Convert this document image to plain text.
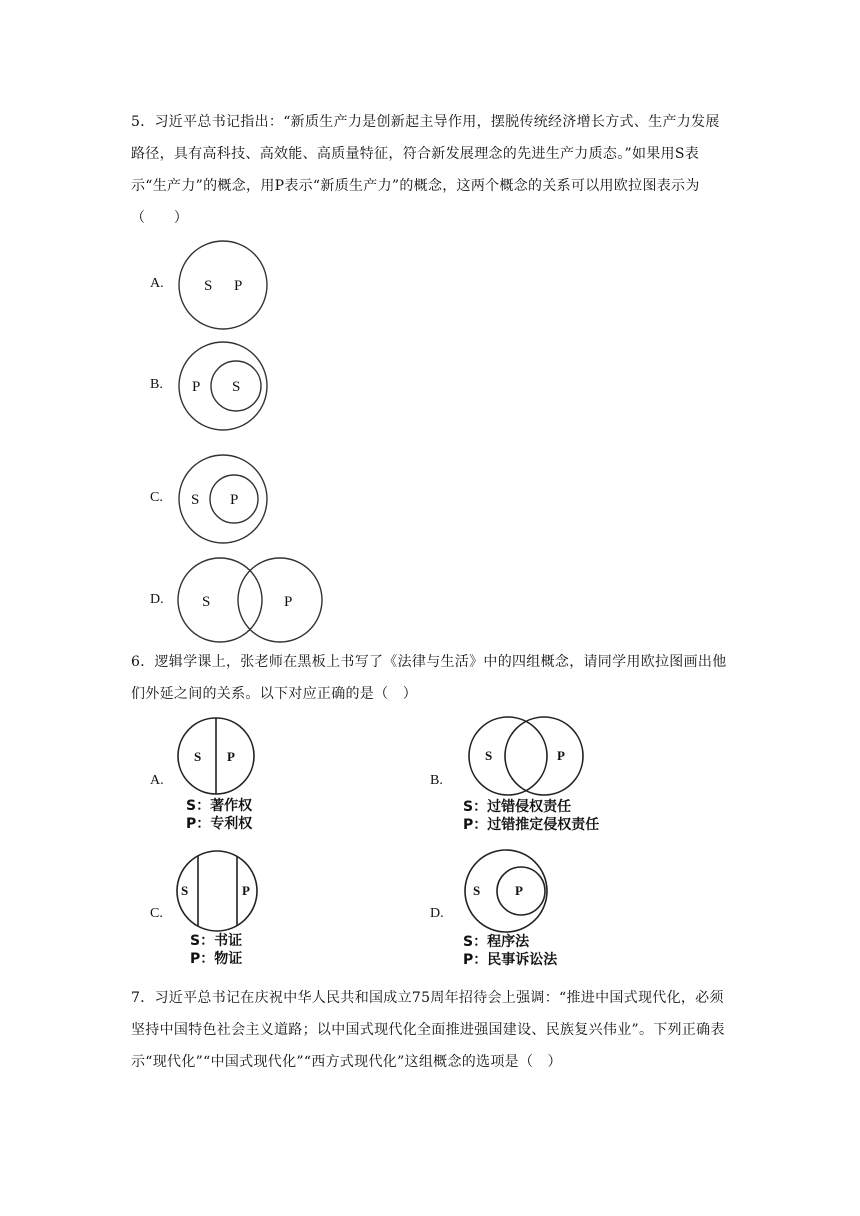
5．习近平总书记指出：“新质生产力是创新起主导作用，摆脱传统经济增长方式、生产力发展路径，具有高科技、高效能、高质量特征，符合新发展理念的先进生产力质态。”如果用S表示“生产力”的概念，用P表示“新质生产力”的概念，这两个概念的关系可以用欧拉图表示为（　　）
A.	S P
B. P S
C. S P
D.	S	P
6．逻辑学课上，张老师在黑板上书写了《法律与生活》中的四组概念，请同学用欧拉图画出他们外延之间的关系。以下对应正确的是（　）
A.
S P
S：著作权
P：专利权
B.
S	P
S：过错侵权责任
P：过错推定侵权责任
C.
S	P
S：书证
P：物证
D.
S	P
S：程序法
P：民事诉讼法
7．习近平总书记在庆祝中华人民共和国成立75周年招待会上强调：“推进中国式现代化，必须坚持中国特色社会主义道路；以中国式现代化全面推进强国建设、民族复兴伟业”。下列正确表示“现代化”“中国式现代化”“西方式现代化”这组概念的选项是（　）
